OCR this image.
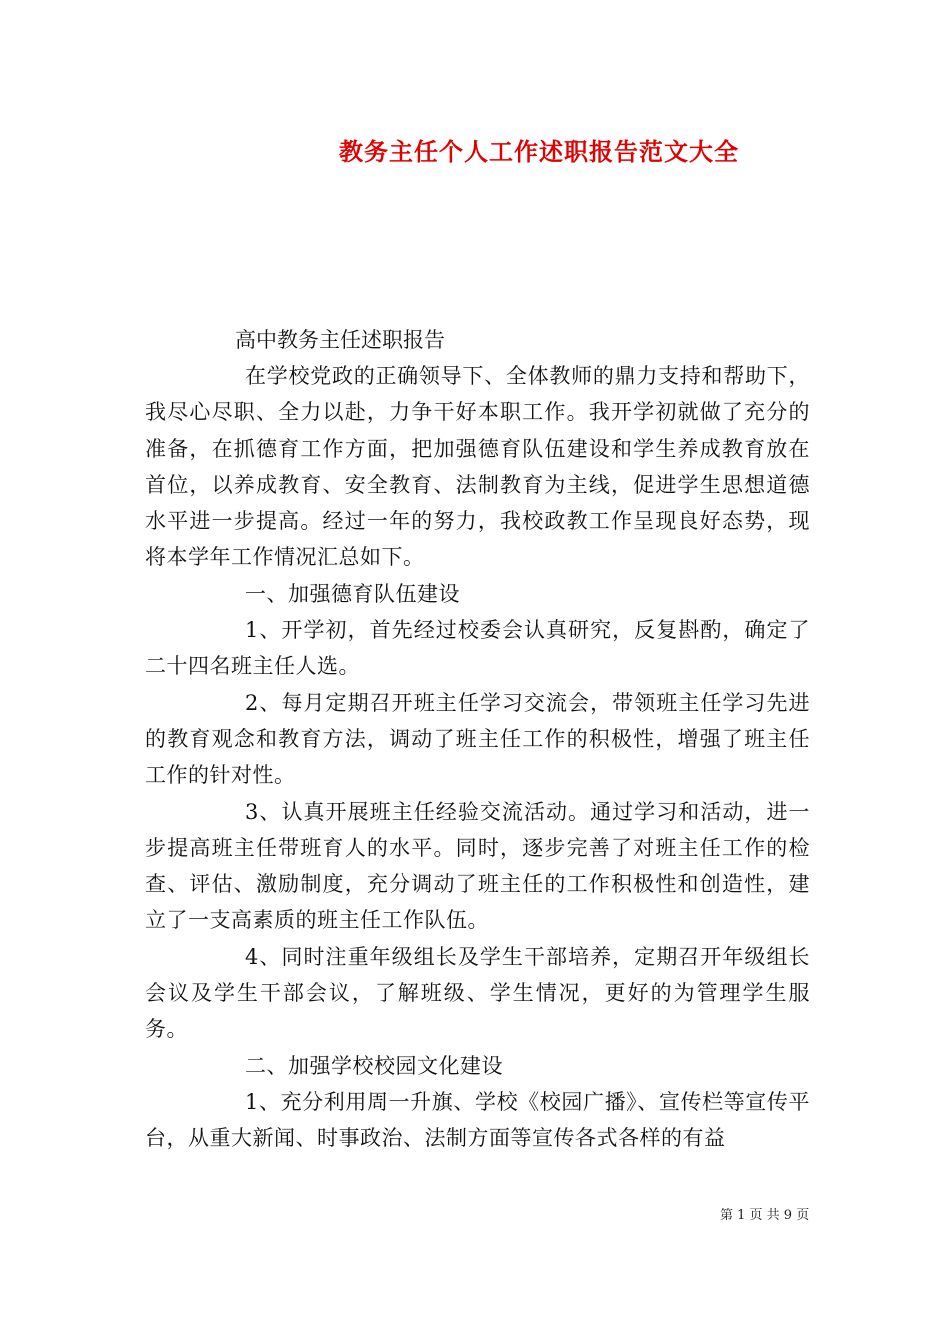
教务主任个人工作述职报告范文大全
高中教务主任述职报告

在学校党政的正确领导下、全体教师的鼎力支持和帮助下，我尽心尽职、全力以赴，力争干好本职工作。我开学初就做了充分的准备，在抓德育工作方面，把加强德育队伍建设和学生养成教育放在首位，以养成教育、安全教育、法制教育为主线，促进学生思想道德水平进一步提高。经过一年的努力，我校政教工作呈现良好态势，现将本学年工作情况汇总如下。

一、加强德育队伍建设

1、开学初，首先经过校委会认真研究，反复斟酌，确定了二十四名班主任人选。

2、每月定期召开班主任学习交流会，带领班主任学习先进的教育观念和教育方法，调动了班主任工作的积极性，增强了班主任工作的针对性。

3、认真开展班主任经验交流活动。通过学习和活动，进一步提高班主任带班育人的水平。同时，逐步完善了对班主任工作的检查、评估、激励制度，充分调动了班主任的工作积极性和创造性，建立了一支高素质的班主任工作队伍。

4、同时注重年级组长及学生干部培养，定期召开年级组长会议及学生干部会议，了解班级、学生情况，更好的为管理学生服务。

二、加强学校校园文化建设

1、充分利用周一升旗、学校《校园广播》、宣传栏等宣传平台，从重大新闻、时事政治、法制方面等宣传各式各样的有益

第 1 页 共 9 页
